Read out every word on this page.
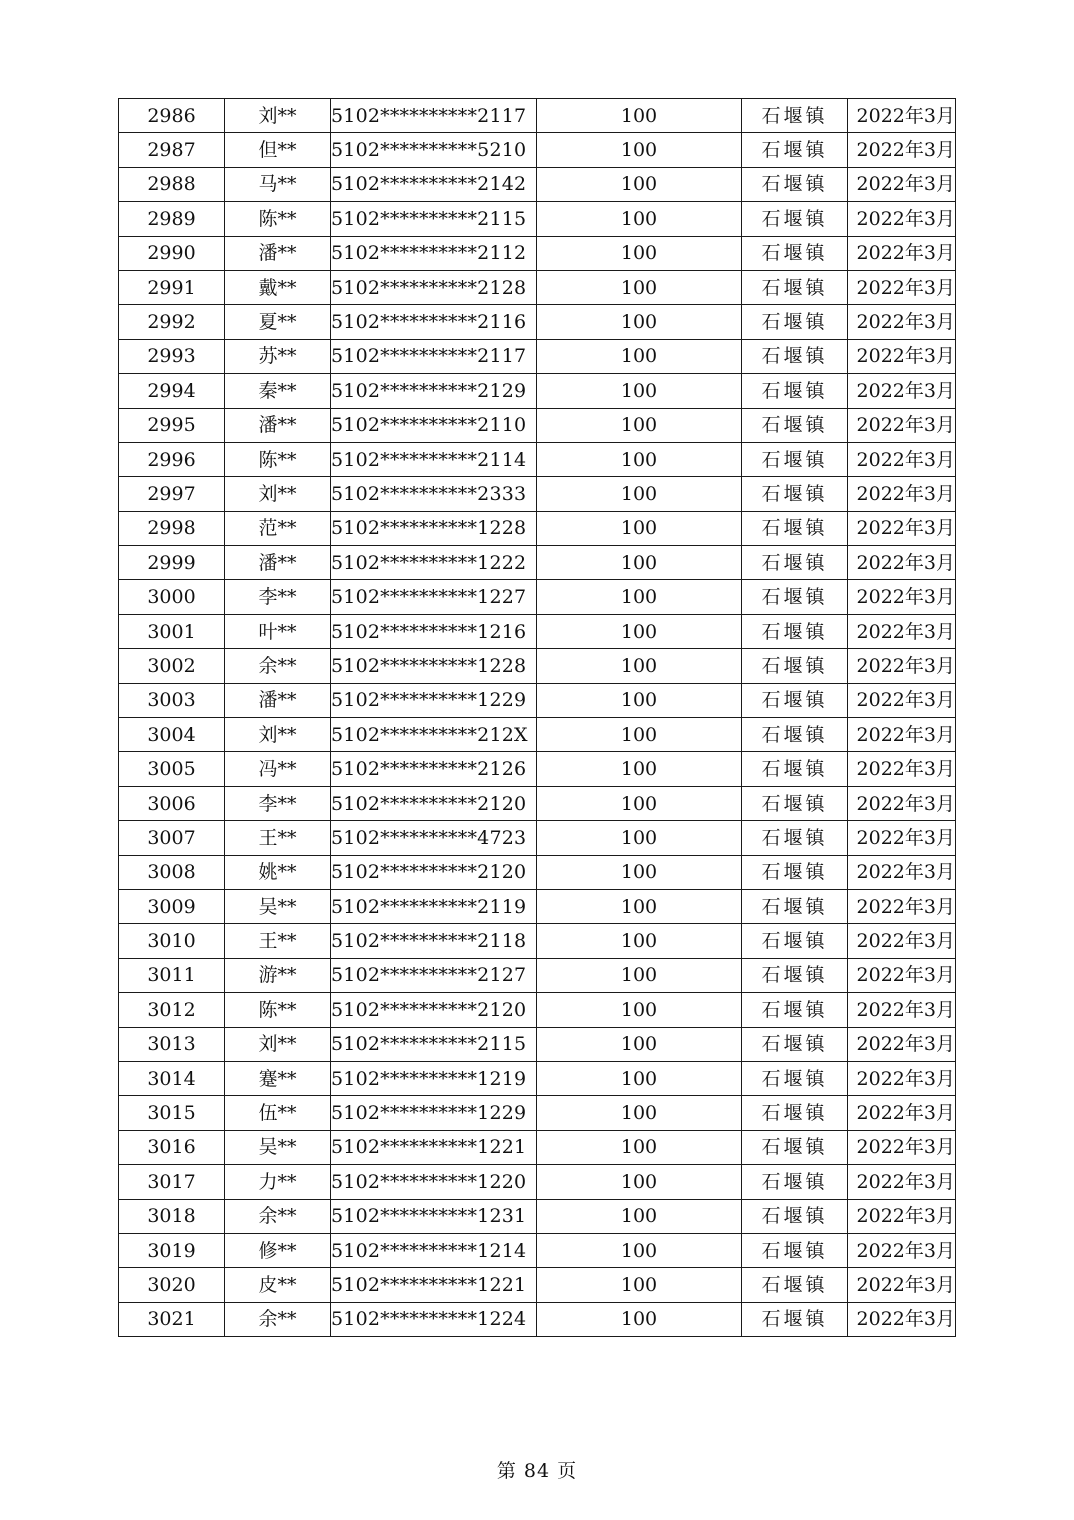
2986	刘**	5102**********2117	100	石堰镇	2022年3月
2987	但**	5102**********5210	100	石堰镇	2022年3月
2988	马**	5102**********2142	100	石堰镇	2022年3月
2989	陈**	5102**********2115	100	石堰镇	2022年3月
2990	潘**	5102**********2112	100	石堰镇	2022年3月
2991	戴**	5102**********2128	100	石堰镇	2022年3月
2992	夏**	5102**********2116	100	石堰镇	2022年3月
2993	苏**	5102**********2117	100	石堰镇	2022年3月
2994	秦**	5102**********2129	100	石堰镇	2022年3月
2995	潘**	5102**********2110	100	石堰镇	2022年3月
2996	陈**	5102**********2114	100	石堰镇	2022年3月
2997	刘**	5102**********2333	100	石堰镇	2022年3月
2998	范**	5102**********1228	100	石堰镇	2022年3月
2999	潘**	5102**********1222	100	石堰镇	2022年3月
3000	李**	5102**********1227	100	石堰镇	2022年3月
3001	叶**	5102**********1216	100	石堰镇	2022年3月
3002	余**	5102**********1228	100	石堰镇	2022年3月
3003	潘**	5102**********1229	100	石堰镇	2022年3月
3004	刘**	5102**********212X	100	石堰镇	2022年3月
3005	冯**	5102**********2126	100	石堰镇	2022年3月
3006	李**	5102**********2120	100	石堰镇	2022年3月
3007	王**	5102**********4723	100	石堰镇	2022年3月
3008	姚**	5102**********2120	100	石堰镇	2022年3月
3009	吴**	5102**********2119	100	石堰镇	2022年3月
3010	王**	5102**********2118	100	石堰镇	2022年3月
3011	游**	5102**********2127	100	石堰镇	2022年3月
3012	陈**	5102**********2120	100	石堰镇	2022年3月
3013	刘**	5102**********2115	100	石堰镇	2022年3月
3014	蹇**	5102**********1219	100	石堰镇	2022年3月
3015	伍**	5102**********1229	100	石堰镇	2022年3月
3016	吴**	5102**********1221	100	石堰镇	2022年3月
3017	力**	5102**********1220	100	石堰镇	2022年3月
3018	余**	5102**********1231	100	石堰镇	2022年3月
3019	修**	5102**********1214	100	石堰镇	2022年3月
3020	皮**	5102**********1221	100	石堰镇	2022年3月
3021	余**	5102**********1224	100	石堰镇	2022年3月
第 84 页
